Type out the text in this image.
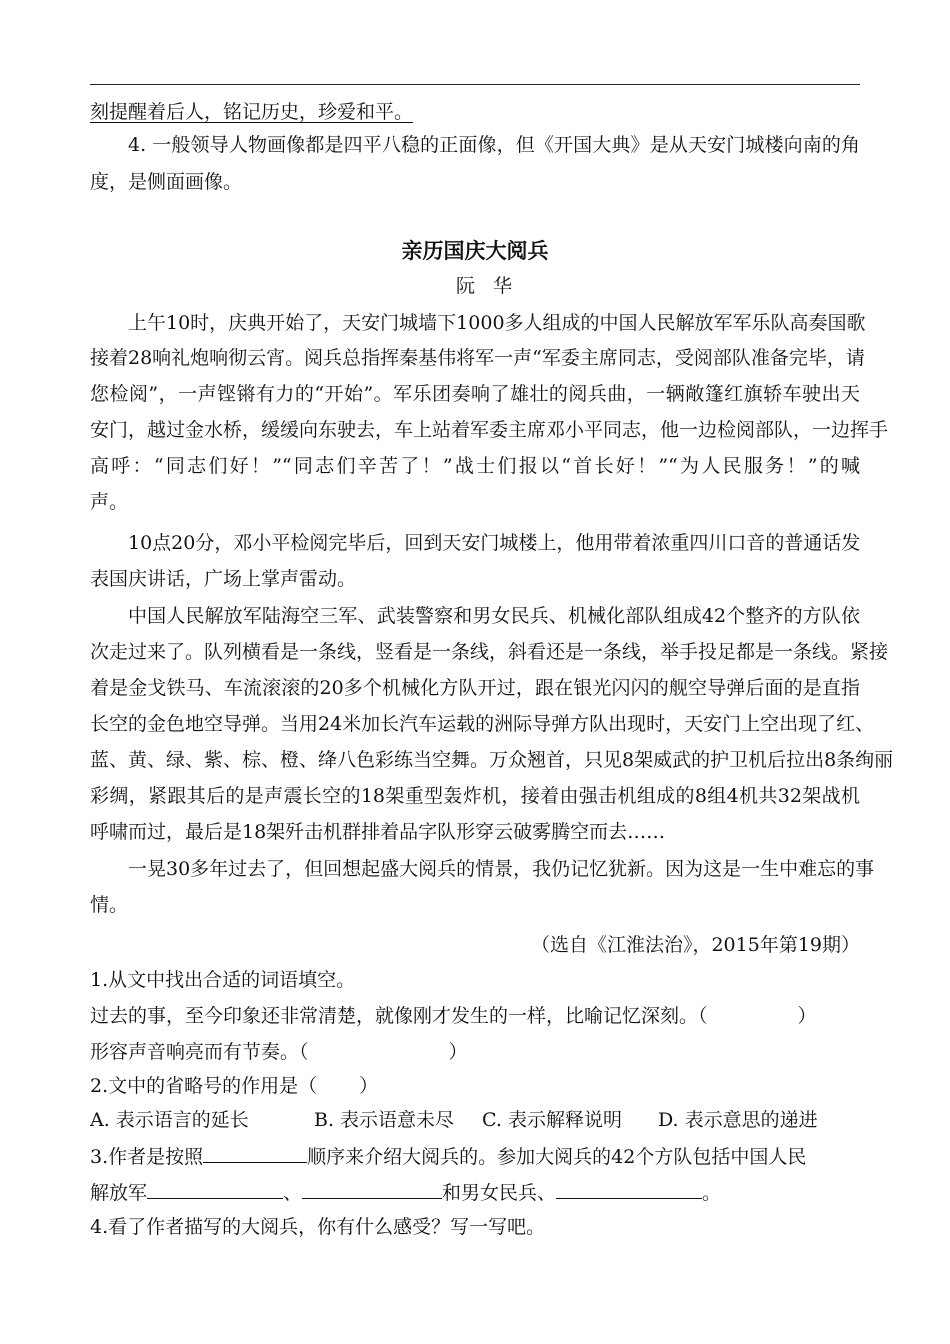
刻提醒着后人，铭记历史，珍爱和平。
4. 一般领导人物画像都是四平八稳的正面像，但《开国大典》是从天安门城楼向南的角
度，是侧面画像。
亲历国庆大阅兵
阮华
上午10时，庆典开始了，天安门城墙下1000多人组成的中国人民解放军军乐队高奏国歌
接着28响礼炮响彻云宵。阅兵总指挥秦基伟将军一声“军委主席同志，受阅部队准备完毕，请
您检阅”，一声铿锵有力的“开始”。军乐团奏响了雄壮的阅兵曲，一辆敞篷红旗轿车驶出天
安门，越过金水桥，缓缓向东驶去，车上站着军委主席邓小平同志，他一边检阅部队，一边挥手
高呼：“同志们好！”“同志们辛苦了！”战士们报以“首长好！”“为人民服务！”的喊
声。
10点20分，邓小平检阅完毕后，回到天安门城楼上，他用带着浓重四川口音的普通话发
表国庆讲话，广场上掌声雷动。
中国人民解放军陆海空三军、武装警察和男女民兵、机械化部队组成42个整齐的方队依
次走过来了。队列横看是一条线，竖看是一条线，斜看还是一条线，举手投足都是一条线。紧接
着是金戈铁马、车流滚滚的20多个机械化方队开过，跟在银光闪闪的舰空导弹后面的是直指
长空的金色地空导弹。当用24米加长汽车运载的洲际导弹方队出现时，天安门上空出现了红、
蓝、黄、绿、紫、棕、橙、绛八色彩练当空舞。万众翘首，只见8架威武的护卫机后拉出8条绚丽
彩绸，紧跟其后的是声震长空的18架重型轰炸机，接着由强击机组成的8组4机共32架战机
呼啸而过，最后是18架歼击机群排着品字队形穿云破雾腾空而去……
一晃30多年过去了，但回想起盛大阅兵的情景，我仍记忆犹新。因为这是一生中难忘的事
情。
（选自《江淮法治》，2015年第19期）
1.从文中找出合适的词语填空。
过去的事，至今印象还非常清楚，就像刚才发生的一样，比喻记忆深刻。（	）
形容声音响亮而有节奏。（	）
2.文中的省略号的作用是（ ）
A. 表示语言的延长	B. 表示语意未尽 C. 表示解释说明 D. 表示意思的递进
3.作者是按照	顺序来介绍大阅兵的。参加大阅兵的42个方队包括中国人民
解放军	、	和男女民兵、	。
4.看了作者描写的大阅兵，你有什么感受？写一写吧。
